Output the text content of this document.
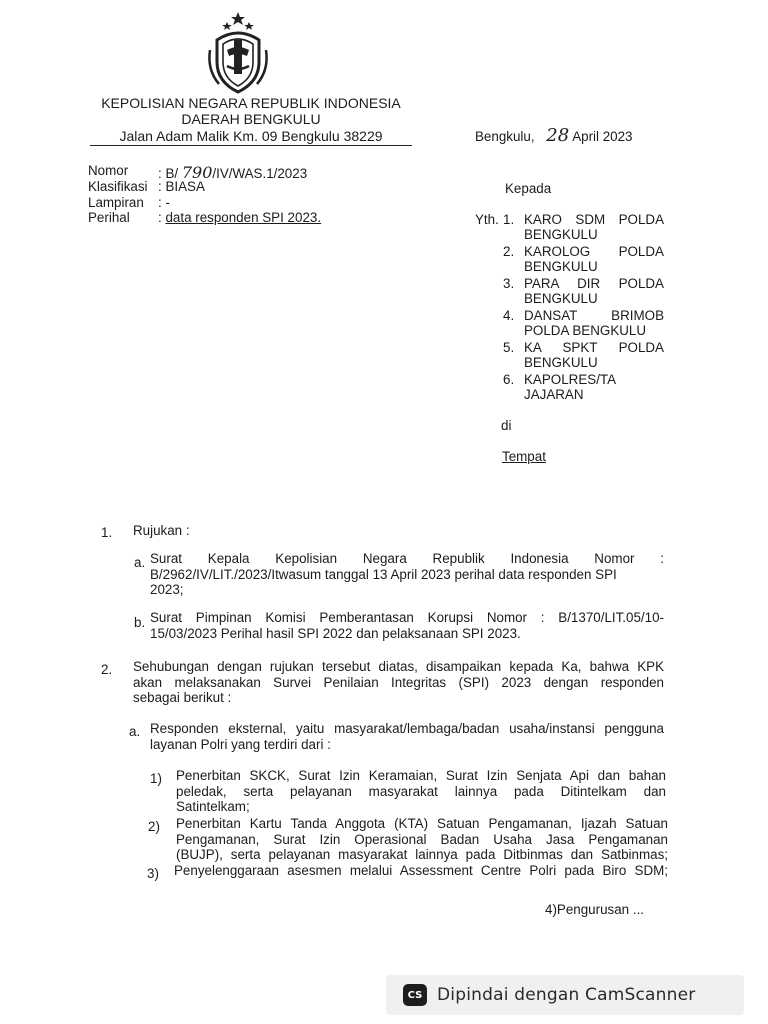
KEPOLISIAN NEGARA REPUBLIK INDONESIA
DAERAH BENGKULU
Jalan Adam Malik Km. 09 Bengkulu 38229	Bengkulu, 28 April 2023
Nomor : B/ 790/IV/WAS.1/2023
Klasifikasi : BIASA
Lampiran : -
Perihal : data responden SPI 2023.
Kepada
Yth. 1. KARO SDM POLDA
BENGKULU
2. KAROLOG POLDA
BENGKULU
3. PARA DIR POLDA
BENGKULU
4. DANSAT BRIMOB
POLDA BENGKULU
5. KA SPKT POLDA
BENGKULU
6. KAPOLRES/TA
JAJARAN
di
Tempat
1. Rujukan :
a. Surat Kepala Kepolisian Negara Republik Indonesia Nomor :
B/2962/IV/LIT./2023/Itwasum tanggal 13 April 2023 perihal data responden SPI
2023;
b. Surat Pimpinan Komisi Pemberantasan Korupsi Nomor : B/1370/LIT.05/10-
15/03/2023 Perihal hasil SPI 2022 dan pelaksanaan SPI 2023.
2. Sehubungan dengan rujukan tersebut diatas, disampaikan kepada Ka, bahwa KPK
akan melaksanakan Survei Penilaian Integritas (SPI) 2023 dengan responden
sebagai berikut :
a. Responden eksternal, yaitu masyarakat/lembaga/badan usaha/instansi pengguna
layanan Polri yang terdiri dari :
1) Penerbitan SKCK, Surat Izin Keramaian, Surat Izin Senjata Api dan bahan
peledak, serta pelayanan masyarakat lainnya pada Ditintelkam dan
Satintelkam;
2) Penerbitan Kartu Tanda Anggota (KTA) Satuan Pengamanan, Ijazah Satuan
Pengamanan, Surat Izin Operasional Badan Usaha Jasa Pengamanan
(BUJP), serta pelayanan masyarakat lainnya pada Ditbinmas dan Satbinmas;
3) Penyelenggaraan asesmen melalui Assessment Centre Polri pada Biro SDM;
4)Pengurusan ...
CS Dipindai dengan CamScanner
